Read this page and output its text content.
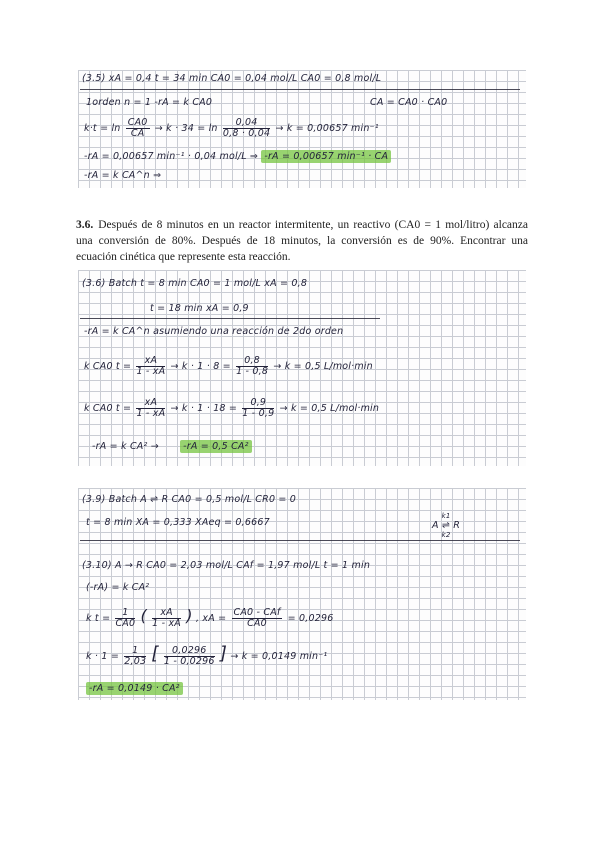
(3.5) xA = 0,4 t = 34 min CA0 = 0,04 mol/L CA0 = 0,8 mol/L
1orden n = 1 -rA = k CA0	CA = CA0 · CA0
$k\cdot t = \ln \frac{CA0}{CA} \to k \cdot 34 = \ln \frac{0,04}{0,8 \cdot 0,04} \to k = 0,00657$ min⁻¹
-rA = 0,00657 min⁻¹ · 0,04 mol/L ⇒ -rA = 0,00657 min⁻¹ · CA
-rA = k CA^n ⇒
3.6. Después de 8 minutos en un reactor intermitente, un reactivo (CA0 = 1 mol/litro) alcanza una conversión de 80%. Después de 18 minutos, la conversión es de 90%. Encontrar una ecuación cinética que represente esta reacción.
(3.6) Batch t = 8 min CA0 = 1 mol/L xA = 0,8
t = 18 min xA = 0,9
-rA = k CA^n asumiendo una reacción de 2do orden
k CA0 $t = \frac{xA}{1 - xA} \to k \cdot 1 \cdot 8 = \frac{0,8}{1 - 0,8} \to k = 0,5$ L/mol·min
k CA0 $t = \frac{xA}{1 - xA} \to k \cdot 1 \cdot 18 = \frac{0,9}{1 - 0,9} \to k = 0,5$ L/mol·min
-rA = k CA² →	-rA = 0,5 CA²
(3.9) Batch A ⇌ R CA0 = 0,5 mol/L CR0 = 0
t = 8 min XA = 0,333 XAeq = 0,6667
k1
A ⇌ R
k2
(3.10) A → R CA0 = 2,03 mol/L CAf = 1,97 mol/L t = 1 min
(-rA) = k CA²
k $t = \frac{1}{CA0}$ ( $\frac{xA}{1 - xA}$ ) , xA = $\frac{\text{CA0 - CAf}}{CA0} = 0,0296$
$k \cdot 1 = \frac{1}{2,03}$ [ $\frac{0,0296}{1 - 0,0296}$ ] → k = 0,0149 min⁻¹
-rA = 0,0149 · CA²
